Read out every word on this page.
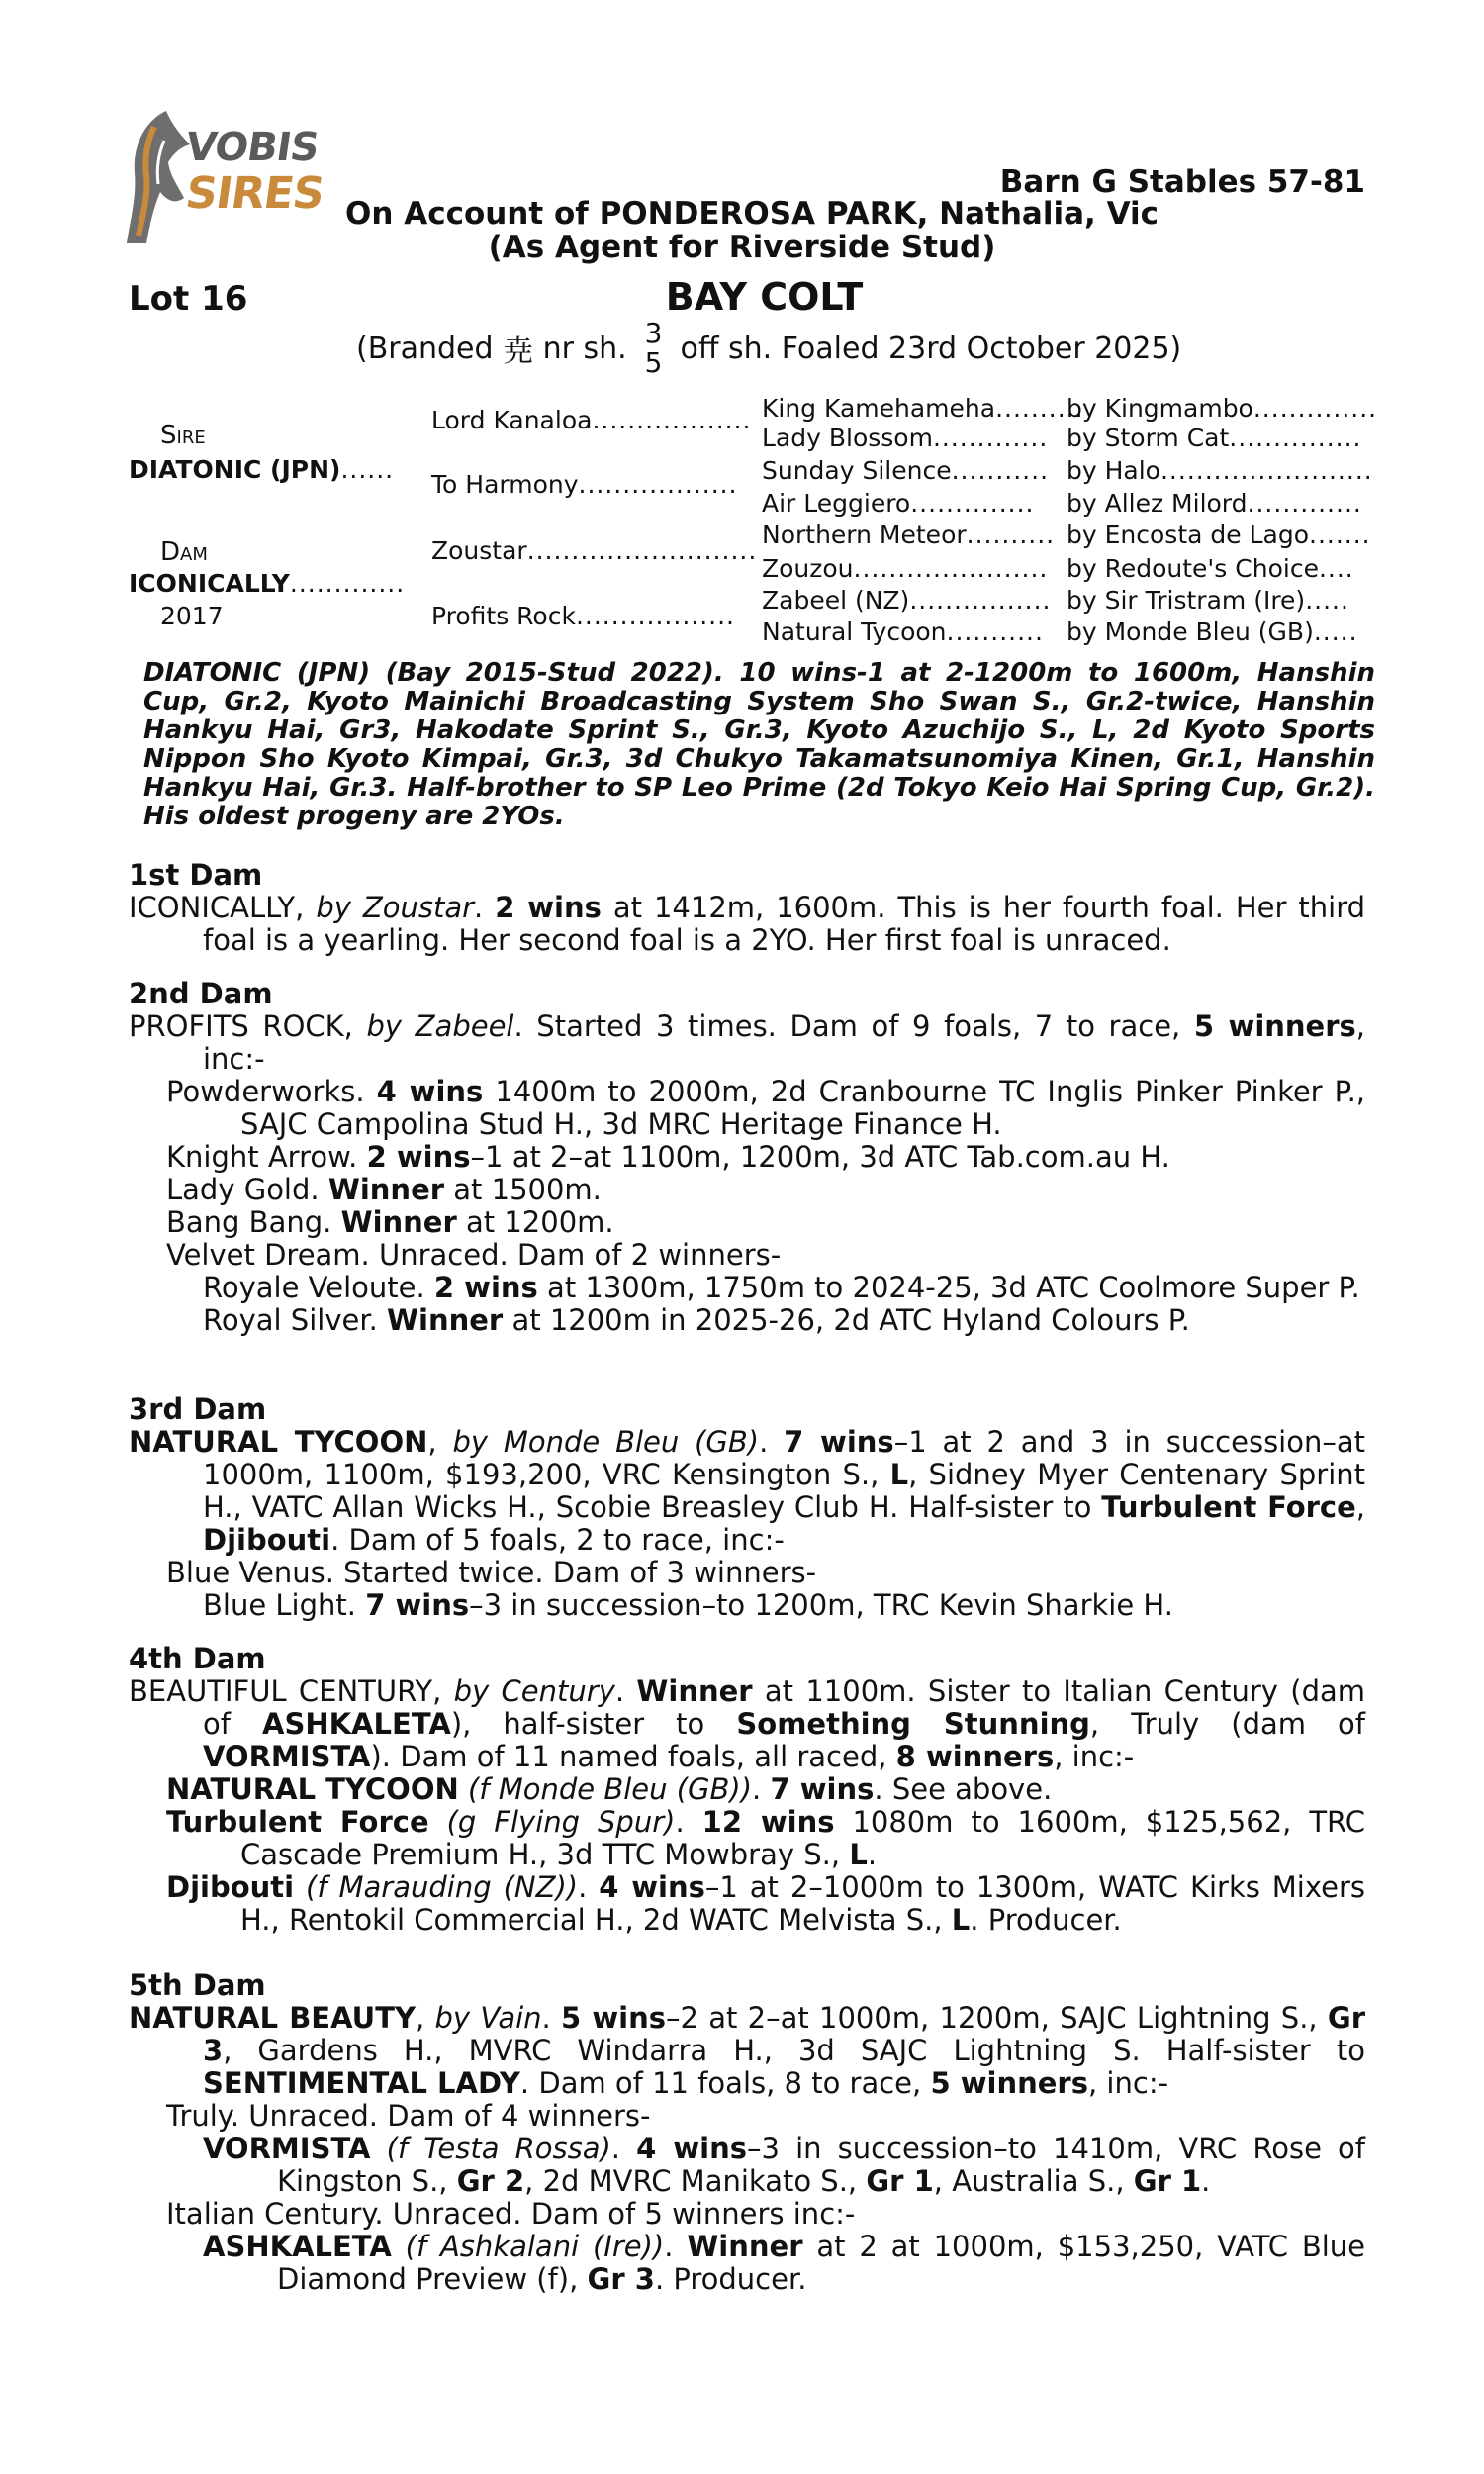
VOBIS
SIRES	Barn G Stables 57-81
On Account of PONDEROSA PARK, Nathalia, Vic
(As Agent for Riverside Stud)
Lot 16	BAY COLT
(Branded 尭 nr sh. 3
5 off sh. Foaled 23rd October 2025)
Sire
DIATONIC (JPN)......
Dam
ICONICALLY.............
2017
Lord Kanaloa..................
To Harmony..................
Zoustar..........................
Profits Rock..................
King Kamehameha..........
Lady Blossom.............
Sunday Silence...........
Air Leggiero..............
Northern Meteor..........
Zouzou......................
Zabeel (NZ)................
Natural Tycoon...........
by Kingmambo..............
by Storm Cat...............
by Halo........................
by Allez Milord.............
by Encosta de Lago.......
by Redoute's Choice....
by Sir Tristram (Ire).....
by Monde Bleu (GB).....
DIATONIC (JPN) (Bay 2015-Stud 2022). 10 wins-1 at 2-1200m to 1600m, Hanshin Cup, Gr.2, Kyoto Mainichi Broadcasting System Sho Swan S., Gr.2-twice, Hanshin Hankyu Hai, Gr3, Hakodate Sprint S., Gr.3, Kyoto Azuchijo S., L, 2d Kyoto Sports Nippon Sho Kyoto Kimpai, Gr.3, 3d Chukyo Takamatsunomiya Kinen, Gr.1, Hanshin Hankyu Hai, Gr.3. Half-brother to SP Leo Prime (2d Tokyo Keio Hai Spring Cup, Gr.2). His oldest progeny are 2YOs.
1st Dam
ICONICALLY, by Zoustar. 2 wins at 1412m, 1600m. This is her fourth foal. Her third foal is a yearling. Her second foal is a 2YO. Her first foal is unraced.
2nd Dam
PROFITS ROCK, by Zabeel. Started 3 times. Dam of 9 foals, 7 to race, 5 winners, inc:-
Powderworks. 4 wins 1400m to 2000m, 2d Cranbourne TC Inglis Pinker Pinker P., SAJC Campolina Stud H., 3d MRC Heritage Finance H.
Knight Arrow. 2 wins–1 at 2–at 1100m, 1200m, 3d ATC Tab.com.au H.
Lady Gold. Winner at 1500m.
Bang Bang. Winner at 1200m.
Velvet Dream. Unraced. Dam of 2 winners-
Royale Veloute. 2 wins at 1300m, 1750m to 2024-25, 3d ATC Coolmore Super P.
Royal Silver. Winner at 1200m in 2025-26, 2d ATC Hyland Colours P.
3rd Dam
NATURAL TYCOON, by Monde Bleu (GB). 7 wins–1 at 2 and 3 in succession–at 1000m, 1100m, $193,200, VRC Kensington S., L, Sidney Myer Centenary Sprint H., VATC Allan Wicks H., Scobie Breasley Club H. Half-sister to Turbulent Force, Djibouti. Dam of 5 foals, 2 to race, inc:-
Blue Venus. Started twice. Dam of 3 winners-
Blue Light. 7 wins–3 in succession–to 1200m, TRC Kevin Sharkie H.
4th Dam
BEAUTIFUL CENTURY, by Century. Winner at 1100m. Sister to Italian Century (dam of ASHKALETA), half-sister to Something Stunning, Truly (dam of VORMISTA). Dam of 11 named foals, all raced, 8 winners, inc:-
NATURAL TYCOON (f Monde Bleu (GB)). 7 wins. See above.
Turbulent Force (g Flying Spur). 12 wins 1080m to 1600m, $125,562, TRC Cascade Premium H., 3d TTC Mowbray S., L.
Djibouti (f Marauding (NZ)). 4 wins–1 at 2–1000m to 1300m, WATC Kirks Mixers H., Rentokil Commercial H., 2d WATC Melvista S., L. Producer.
5th Dam
NATURAL BEAUTY, by Vain. 5 wins–2 at 2–at 1000m, 1200m, SAJC Lightning S., Gr 3, Gardens H., MVRC Windarra H., 3d SAJC Lightning S. Half-sister to SENTIMENTAL LADY. Dam of 11 foals, 8 to race, 5 winners, inc:-
Truly. Unraced. Dam of 4 winners-
VORMISTA (f Testa Rossa). 4 wins–3 in succession–to 1410m, VRC Rose of Kingston S., Gr 2, 2d MVRC Manikato S., Gr 1, Australia S., Gr 1.
Italian Century. Unraced. Dam of 5 winners inc:-
ASHKALETA (f Ashkalani (Ire)). Winner at 2 at 1000m, $153,250, VATC Blue Diamond Preview (f), Gr 3. Producer.
